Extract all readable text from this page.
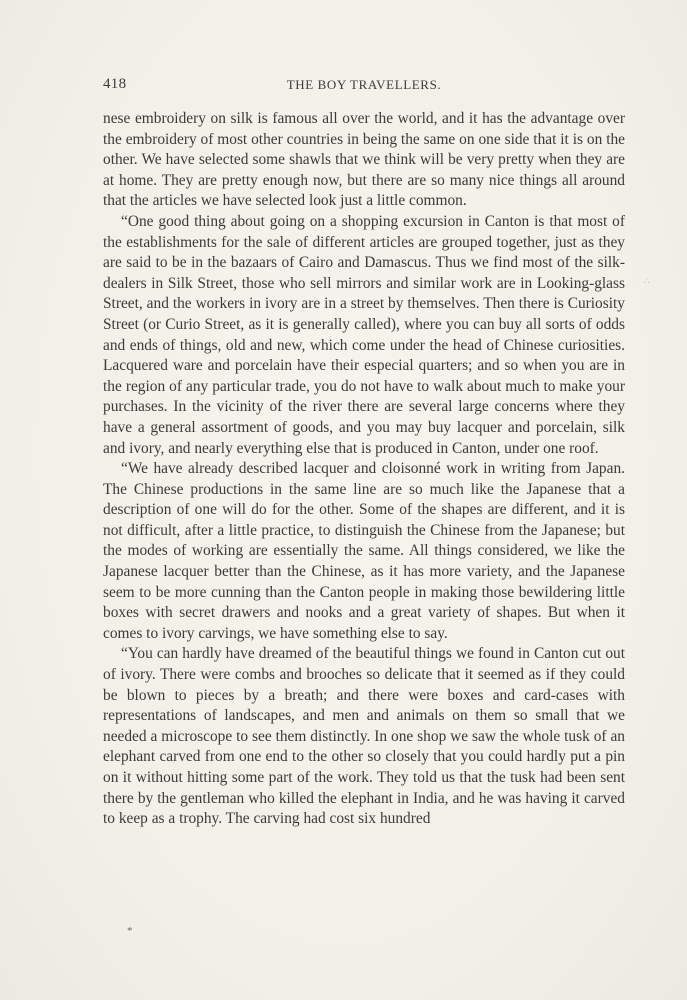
418	THE BOY TRAVELLERS.

nese embroidery on silk is famous all over the world, and it has the advantage over the embroidery of most other countries in being the same on one side that it is on the other. We have selected some shawls that we think will be very pretty when they are at home. They are pretty enough now, but there are so many nice things all around that the articles we have selected look just a little common.

“One good thing about going on a shopping excursion in Canton is that most of the establishments for the sale of different articles are grouped together, just as they are said to be in the bazaars of Cairo and Damascus. Thus we find most of the silk-dealers in Silk Street, those who sell mirrors and similar work are in Looking-glass Street, and the workers in ivory are in a street by themselves. Then there is Curiosity Street (or Curio Street, as it is generally called), where you can buy all sorts of odds and ends of things, old and new, which come under the head of Chinese curiosities. Lacquered ware and porcelain have their especial quarters; and so when you are in the region of any particular trade, you do not have to walk about much to make your purchases. In the vicinity of the river there are several large concerns where they have a general assortment of goods, and you may buy lacquer and porcelain, silk and ivory, and nearly everything else that is produced in Canton, under one roof.

“We have already described lacquer and cloisonné work in writing from Japan. The Chinese productions in the same line are so much like the Japanese that a description of one will do for the other. Some of the shapes are different, and it is not difficult, after a little practice, to distinguish the Chinese from the Japanese; but the modes of working are essentially the same. All things considered, we like the Japanese lacquer better than the Chinese, as it has more variety, and the Japanese seem to be more cunning than the Canton people in making those bewildering little boxes with secret drawers and nooks and a great variety of shapes. But when it comes to ivory carvings, we have something else to say.

“You can hardly have dreamed of the beautiful things we found in Canton cut out of ivory. There were combs and brooches so delicate that it seemed as if they could be blown to pieces by a breath; and there were boxes and card-cases with representations of landscapes, and men and animals on them so small that we needed a microscope to see them distinctly. In one shop we saw the whole tusk of an elephant carved from one end to the other so closely that you could hardly put a pin on it without hitting some part of the work. They told us that the tusk had been sent there by the gentleman who killed the elephant in India, and he was having it carved to keep as a trophy. The carving had cost six hundred

∴
*
